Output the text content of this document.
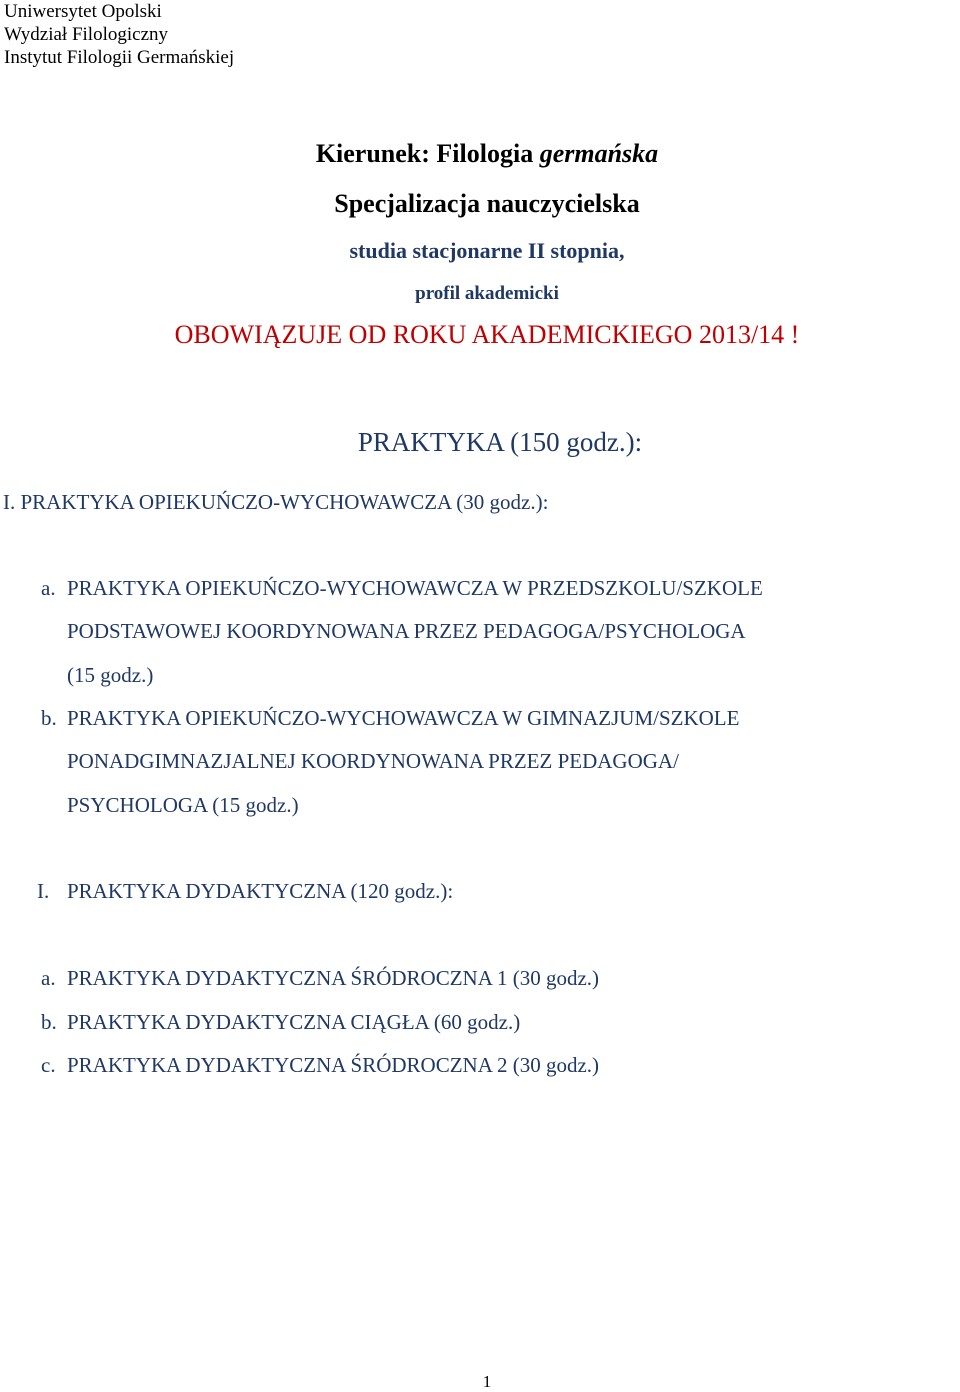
Uniwersytet Opolski
Wydział Filologiczny
Instytut Filologii Germańskiej
Kierunek: Filologia germańska
Specjalizacja nauczycielska
studia stacjonarne II stopnia,
profil akademicki
OBOWIĄZUJE OD ROKU AKADEMICKIEGO 2013/14 !
PRAKTYKA (150 godz.):
I. PRAKTYKA OPIEKUŃCZO-WYCHOWAWCZA (30 godz.):
a. PRAKTYKA OPIEKUŃCZO-WYCHOWAWCZA W PRZEDSZKOLU/SZKOLE
PODSTAWOWEJ KOORDYNOWANA PRZEZ PEDAGOGA/PSYCHOLOGA
(15 godz.)
b. PRAKTYKA OPIEKUŃCZO-WYCHOWAWCZA W GIMNAZJUM/SZKOLE
PONADGIMNAZJALNEJ KOORDYNOWANA PRZEZ PEDAGOGA/
PSYCHOLOGA (15 godz.)
I. PRAKTYKA DYDAKTYCZNA (120 godz.):
a. PRAKTYKA DYDAKTYCZNA ŚRÓDROCZNA 1 (30 godz.)
b. PRAKTYKA DYDAKTYCZNA CIĄGŁA (60 godz.)
c. PRAKTYKA DYDAKTYCZNA ŚRÓDROCZNA 2 (30 godz.)
1
